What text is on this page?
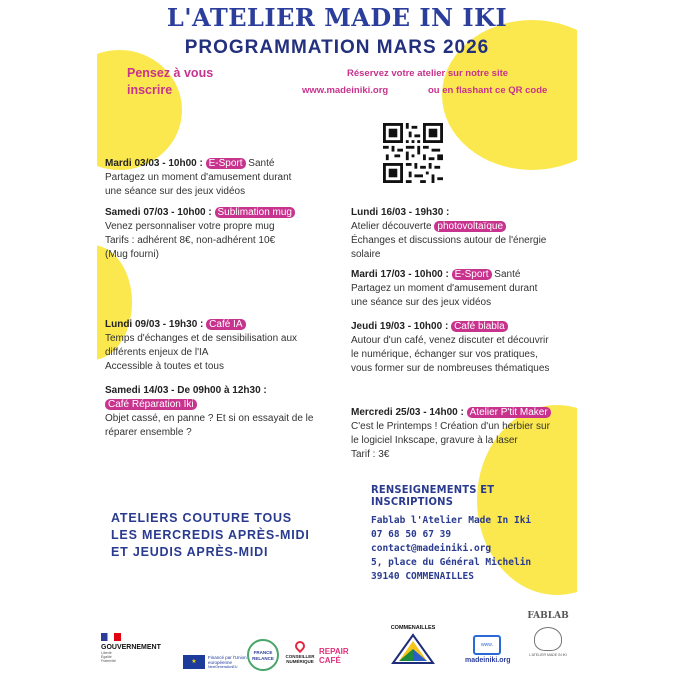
L'ATELIER MADE IN IKI
PROGRAMMATION MARS 2026
Pensez à vous
inscrire
Réservez votre atelier sur notre site
www.madeiniki.org	ou en flashant ce QR code
Mardi 03/03 - 10h00 : E-Sport Santé
Partagez un moment d'amusement durant
une séance sur des jeux vidéos
Samedi 07/03 - 10h00 : Sublimation mug
Venez personnaliser votre propre mug
Tarifs : adhérent 8€, non-adhérent 10€
(Mug fourni)
Lundi 09/03 - 19h30 : Café IA
Temps d'échanges et de sensibilisation aux
différents enjeux de l'IA
Accessible à toutes et tous
Samedi 14/03 - De 09h00 à 12h30 :
Café Réparation Iki
Objet cassé, en panne ? Et si on essayait de le
réparer ensemble ?
Lundi 16/03 - 19h30 :
Atelier découverte photovoltaïque
Échanges et discussions autour de l'énergie
solaire
Mardi 17/03 - 10h00 : E-Sport Santé
Partagez un moment d'amusement durant
une séance sur des jeux vidéos
Jeudi 19/03 - 10h00 : Café blabla
Autour d'un café, venez discuter et découvrir
le numérique, échanger sur vos pratiques,
vous former sur de nombreuses thématiques
Mercredi 25/03 - 14h00 : Atelier P'tit Maker
C'est le Printemps ! Création d'un herbier sur
le logiciel Inkscape, gravure à la laser
Tarif : 3€
ATELIERS COUTURE TOUS
LES MERCREDIS APRÈS-MIDI
ET JEUDIS APRÈS-MIDI
RENSEIGNEMENTS ET INSCRIPTIONS
Fablab l'Atelier Made In Iki
07 68 50 67 39
contact@madeiniki.org
5, place du Général Michelin
39140 COMMENAILLES
GOUVERNEMENT
Liberté Égalité Fraternité	★
Financé par l'Union européenne
NextGenerationEU
FRANCE RELANCE	CONSEILLER NUMÉRIQUE
REPAIR CAFÉ
COMMENAILLES
www.
madeiniki.org
FABLAB
L'ATELIER MADE IN IKI
